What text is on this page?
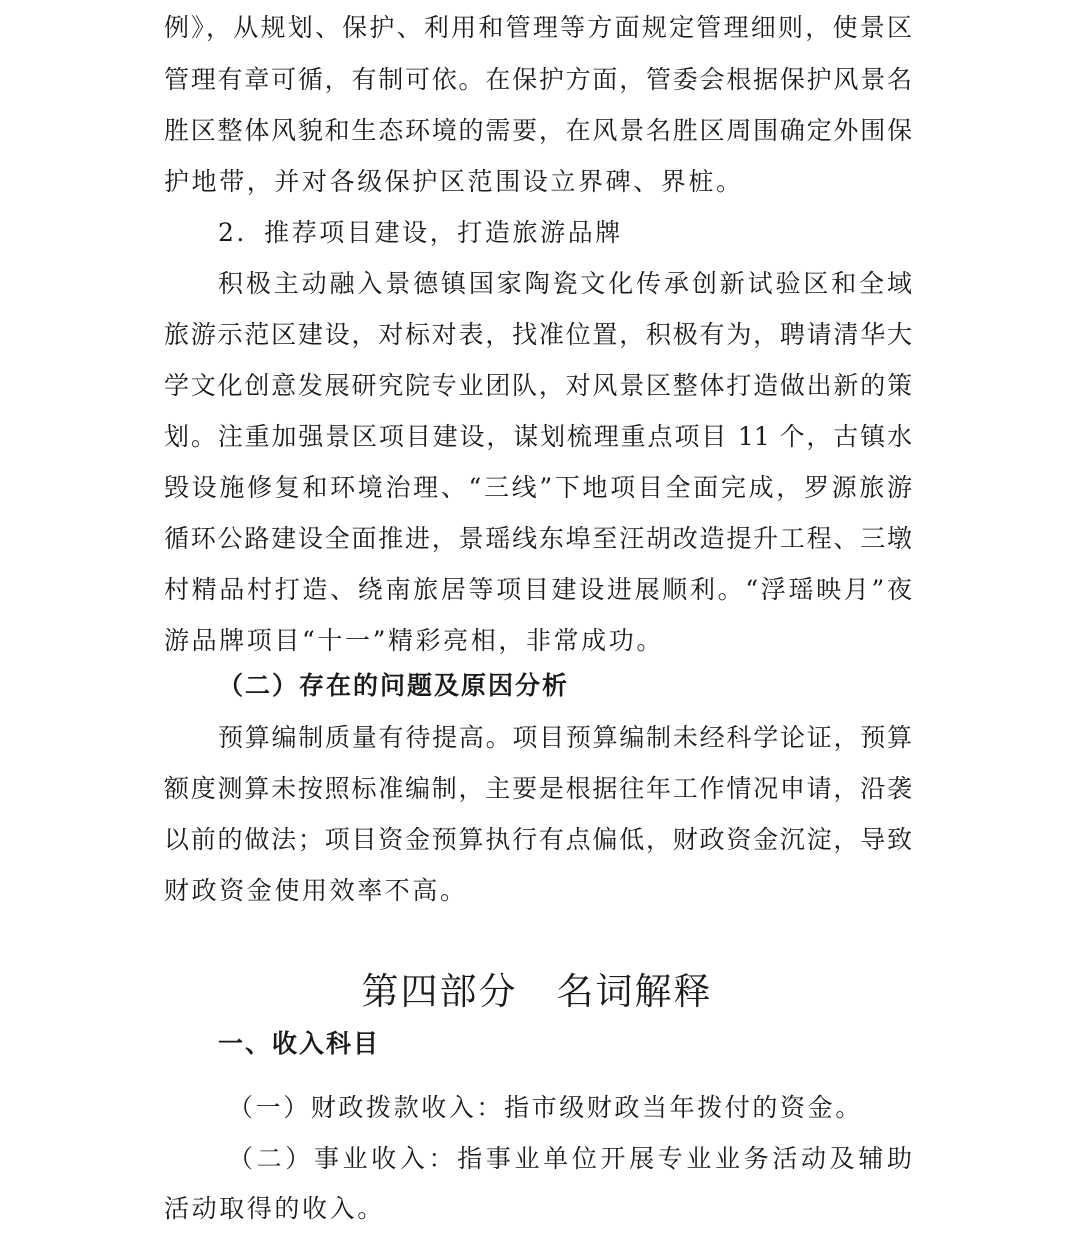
例》，从规划、保护、利用和管理等方面规定管理细则，使景区
管理有章可循，有制可依。在保护方面，管委会根据保护风景名
胜区整体风貌和生态环境的需要，在风景名胜区周围确定外围保
护地带，并对各级保护区范围设立界碑、界桩。
2．推荐项目建设，打造旅游品牌
积极主动融入景德镇国家陶瓷文化传承创新试验区和全域
旅游示范区建设，对标对表，找准位置，积极有为，聘请清华大
学文化创意发展研究院专业团队，对风景区整体打造做出新的策
划。注重加强景区项目建设，谋划梳理重点项目 11 个，古镇水
毁设施修复和环境治理、“三线”下地项目全面完成，罗源旅游
循环公路建设全面推进，景瑶线东埠至汪胡改造提升工程、三墩
村精品村打造、绕南旅居等项目建设进展顺利。“浮瑶映月”夜
游品牌项目“十一”精彩亮相，非常成功。
（二）存在的问题及原因分析
预算编制质量有待提高。项目预算编制未经科学论证，预算
额度测算未按照标准编制，主要是根据往年工作情况申请，沿袭
以前的做法；项目资金预算执行有点偏低，财政资金沉淀，导致
财政资金使用效率不高。
第四部分　名词解释
一、收入科目
（一）财政拨款收入：指市级财政当年拨付的资金。
（二）事业收入：指事业单位开展专业业务活动及辅助
活动取得的收入。
